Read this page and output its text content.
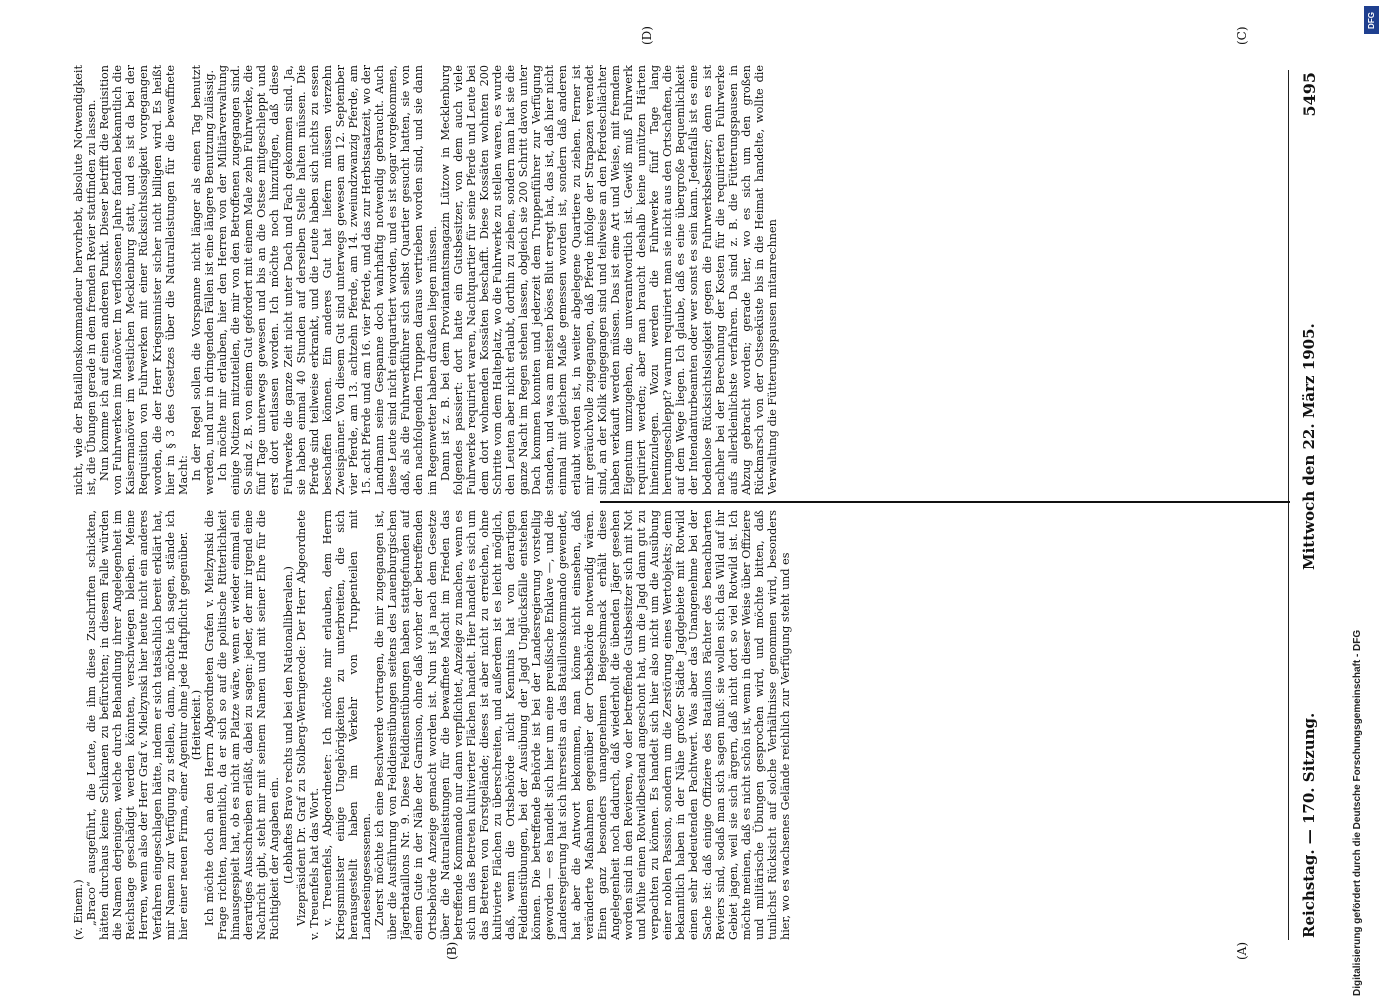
Reichstag. — 170. Sitzung.
Mittwoch den 22. März 1905.
5495
(A)
(B)
(C)
(D)

(v. Einem.) „Braco“ ausgeführt, die Leute, die ihm diese Zuschriften schickten, hätten durchaus keine Schikanen zu befürchten; in diesem Falle würden die Namen derjenigen, welche durch Behandlung ihrer Angelegenheit im Reichstage geschädigt werden könnten, verschwiegen bleiben. Meine Herren, wenn also der Herr Graf v. Mielzynski hier heute nicht ein anderes Verfahren eingeschlagen hätte, indem er sich tatsächlich bereit erklärt hat, mir Namen zur Verfügung zu stellen, dann, möchte ich sagen, stände ich hier einer neuen Firma, einer Agentur ohne jede Haftpflicht gegenüber. (Heiterkeit.) Ich möchte doch an den Herrn Abgeordneten Grafen v. Mielzynski die Frage richten, namentlich, da er sich so auf die politische Ritterlichkeit hinausgespielt hat, ob es nicht am Platze wäre, wenn er wieder einmal ein derartiges Ausschreiben erläßt, dabei zu sagen: jeder, der mir irgend eine Nachricht gibt, steht mir mit seinem Namen und mit seiner Ehre für die Richtigkeit der Angaben ein. (Lebhaftes Bravo rechts und bei den Nationalliberalen.) Vizepräsident Dr. Graf zu Stolberg-Wernigerode: Der Herr Abgeordnete v. Treuenfels hat das Wort. v. Treuenfels, Abgeordneter: Ich möchte mir erlauben, dem Herrn Kriegsminister einige Ungehörigkeiten zu unterbreiten, die sich herausgestellt haben im Verkehr von Truppenteilen mit Landeseingesessenen. Zuerst möchte ich eine Beschwerde vortragen, die mir zugegangen ist, über die Ausführung von Felddienstübungen seitens des Lauenburgischen Jägerbataillons Nr. 9. Diese Felddienstübungen haben stattgefunden auf einem Gute in der Nähe der Garnison, ohne daß vorher der betreffenden Ortsbehörde Anzeige gemacht worden ist. Nun ist ja nach dem Gesetze über die Naturalleistungen für die bewaffnete Macht im Frieden das betreffende Kommando nur dann verpflichtet, Anzeige zu machen, wenn es sich um das Betreten kultivierter Flächen handelt. Hier handelt es sich um das Betreten von Forstgelände; dieses ist aber nicht zu erreichen, ohne kultivierte Flächen zu überschreiten, und außerdem ist es leicht möglich, daß, wenn die Ortsbehörde nicht Kenntnis hat von derartigen Felddienstübungen, bei der Ausübung der Jagd Unglücksfälle entstehen können. Die betreffende Behörde ist bei der Landesregierung vorstellig geworden — es handelt sich hier um eine preußische Enklave —, und die Landesregierung hat sich ihrerseits an das Bataillonskommando gewendet, hat aber die Antwort bekommen, man könne nicht einsehen, daß veränderte Maßnahmen gegenüber der Ortsbehörde notwendig wären. Einen ganz besonders unangenehmen Beigeschmack erhält diese Angelegenheit noch dadurch, daß wiederholt die übenden Jäger gesehen worden sind in den Revieren, wo der betreffende Gutsbesitzer sich mit Not und Mühe einen Rotwildbestand angeschont hat, um die Jagd dann gut zu verpachten zu können. Es handelt sich hier also nicht um die Ausübung einer noblen Passion, sondern um die Zerstörung eines Wertobjekts; denn bekanntlich haben in der Nähe großer Städte Jagdgebiete mit Rotwild einen sehr bedeutenden Pachtwert. Was aber das Unangenehme bei der Sache ist: daß einige Offiziere des Bataillons Pächter des benachbarten Reviers sind, sodaß man sich sagen muß: sie wollen sich das Wild auf ihr Gebiet jagen, weil sie sich ärgern, daß nicht dort so viel Rotwild ist. Ich möchte meinen, daß es nicht schön ist, wenn in dieser Weise über Offiziere und militärische Übungen gesprochen wird, und möchte bitten, daß tunlichst Rücksicht auf solche Verhältnisse genommen wird, besonders hier, wo es wachsenes Gelände reichlich zur Verfügung steht und es

nicht, wie der Bataillonskommandeur hervorhebt, absolute Notwendigkeit ist, die Übungen gerade in dem fremden Revier stattfinden zu lassen. Nun komme ich auf einen anderen Punkt. Dieser betrifft die Requisition von Fuhrwerken im Manöver. Im verflossenen Jahre fanden bekanntlich die Kaisermanöver im westlichen Mecklenburg statt, und es ist da bei der Requisition von Fuhrwerken mit einer Rücksichtslosigkeit vorgegangen worden, die der Herr Kriegsminister sicher nicht billigen wird. Es heißt hier in § 3 des Gesetzes über die Naturalleistungen für die bewaffnete Macht: In der Regel sollen die Vorspanne nicht länger als einen Tag benutzt werden, und nur in dringenden Fällen ist eine längere Benutzung zulässig. Ich möchte mir erlauben, hier den Herren von der Militärverwaltung einige Notizen mitzuteilen, die mir von den Betroffenen zugegangen sind. So sind z. B. von einem Gut gefordert mit einem Male zehn Fuhrwerke, die fünf Tage unterwegs gewesen und bis an die Ostsee mitgeschleppt und erst dort entlassen worden. Ich möchte noch hinzufügen, daß diese Fuhrwerke die ganze Zeit nicht unter Dach und Fach gekommen sind. Ja, sie haben einmal 40 Stunden auf derselben Stelle halten müssen. Die Pferde sind teilweise erkrankt, und die Leute haben sich nichts zu essen beschaffen können. Ein anderes Gut hat liefern müssen vierzehn Zweispänner. Von diesem Gut sind unterwegs gewesen am 12. September vier Pferde, am 13. achtzehn Pferde, am 14. zweiundzwanzig Pferde, am 15. acht Pferde und am 16. vier Pferde, und das zur Herbstsaatzeit, wo der Landmann seine Gespanne doch wahrhaftig notwendig gebraucht. Auch diese Leute sind nicht einquartiert worden, und es ist sogar vorgekommen, daß, als die Fuhrwerkführer sich selbst Quartier gesucht hatten, sie von den nachfolgenden Truppen daraus vertrieben worden sind, und sie dann im Regenwetter haben draußen liegen müssen. Dann ist z. B. bei dem Proviantamtsmagazin Lützow in Mecklenburg folgendes passiert: dort hatte ein Gutsbesitzer, von dem auch viele Fuhrwerke requiriert waren, Nachtquartier für seine Pferde und Leute bei dem dort wohnenden Kossäten beschafft. Diese Kossäten wohnten 200 Schritte vom dem Halteplatz, wo die Fuhrwerke zu stellen waren, es wurde den Leuten aber nicht erlaubt, dorthin zu ziehen, sondern man hat sie die ganze Nacht im Regen stehen lassen, obgleich sie 200 Schritt davon unter Dach kommen konnten und jederzeit dem Truppenführer zur Verfügung standen, und was am meisten böses Blut erregt hat, das ist, daß hier nicht einmal mit gleichem Maße gemessen worden ist, sondern daß anderen erlaubt worden ist, in weiter abgelegene Quartiere zu ziehen. Ferner ist mir geräuchvolle zugegangen, daß Pferde infolge der Strapazen verendet sind, an der Kolik eingegangen sind und teilweise an den Pferdeschlächter haben verkauft werden müssen. Das ist eine Art und Weise, mit fremdem Eigentum umzugehen, die unverantwortlich ist. Gewiß muß Fuhrwerk requiriert werden; aber man braucht deshalb keine unnützen Härten hineinzulegen. Wozu werden die Fuhrwerke fünf Tage lang herumgeschleppt? warum requiriert man sie nicht aus den Ortschaften, die auf dem Wege liegen. Ich glaube, daß es eine übergroße Bequemlichkeit der Intendanturbeamten oder wer sonst es sein kann. Jedenfalls ist es eine bodenlose Rücksichtslosigkeit gegen die Fuhrwerksbesitzer; denn es ist nachher bei der Berechnung der Kosten für die requirierten Fuhrwerke aufs allerkleinlichste verfahren. Da sind z. B. die Fütterungspausen in Abzug gebracht worden; gerade hier, wo es sich um den großen Rückmarsch von der Ostseeküste bis in die Heimat handelte, wollte die Verwaltung die Fütterungspausen mitanrechnen

Digitalisierung gefördert durch die Deutsche Forschungsgemeinschaft - DFG
DFG
